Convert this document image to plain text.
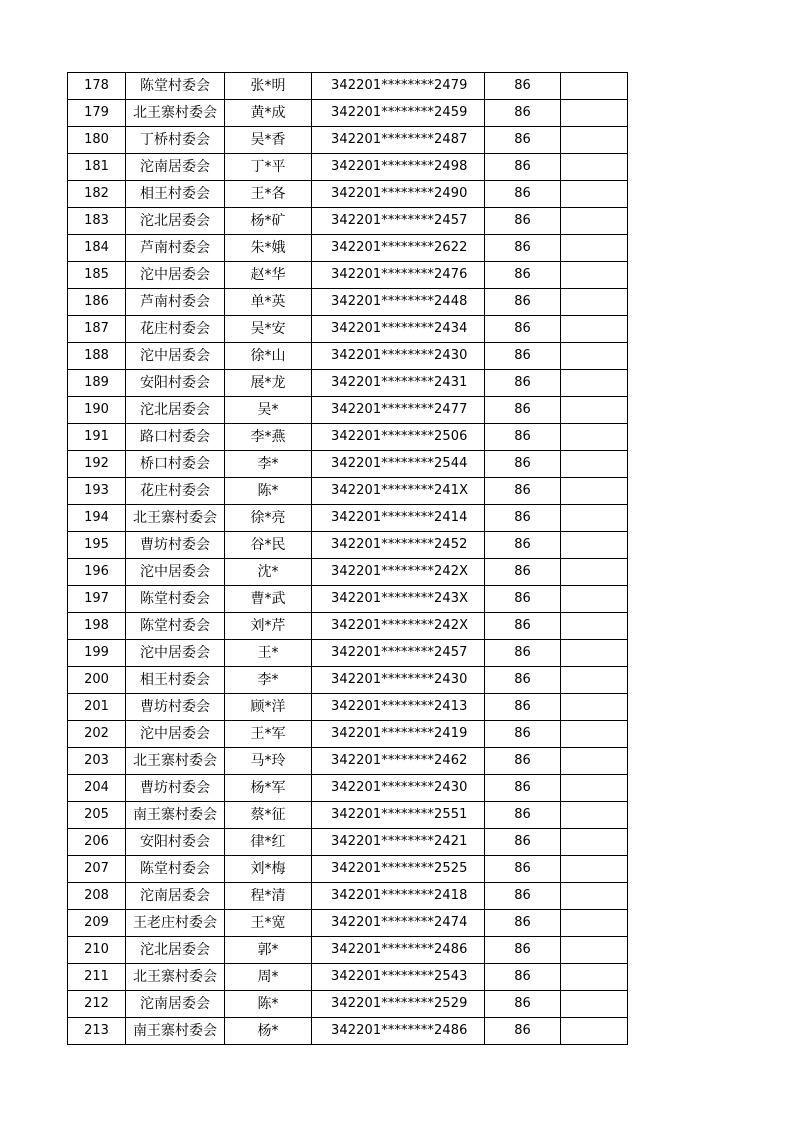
178	陈堂村委会	张*明	342201********2479	86	
179	北王寨村委会	黄*成	342201********2459	86	
180	丁桥村委会	吴*香	342201********2487	86	
181	沱南居委会	丁*平	342201********2498	86	
182	相王村委会	王*各	342201********2490	86	
183	沱北居委会	杨*矿	342201********2457	86	
184	芦南村委会	朱*娥	342201********2622	86	
185	沱中居委会	赵*华	342201********2476	86	
186	芦南村委会	单*英	342201********2448	86	
187	花庄村委会	吴*安	342201********2434	86	
188	沱中居委会	徐*山	342201********2430	86	
189	安阳村委会	展*龙	342201********2431	86	
190	沱北居委会	吴*	342201********2477	86	
191	路口村委会	李*燕	342201********2506	86	
192	桥口村委会	李*	342201********2544	86	
193	花庄村委会	陈*	342201********241X	86	
194	北王寨村委会	徐*亮	342201********2414	86	
195	曹坊村委会	谷*民	342201********2452	86	
196	沱中居委会	沈*	342201********242X	86	
197	陈堂村委会	曹*武	342201********243X	86	
198	陈堂村委会	刘*芹	342201********242X	86	
199	沱中居委会	王*	342201********2457	86	
200	相王村委会	李*	342201********2430	86	
201	曹坊村委会	顾*洋	342201********2413	86	
202	沱中居委会	王*军	342201********2419	86	
203	北王寨村委会	马*玲	342201********2462	86	
204	曹坊村委会	杨*军	342201********2430	86	
205	南王寨村委会	蔡*征	342201********2551	86	
206	安阳村委会	律*红	342201********2421	86	
207	陈堂村委会	刘*梅	342201********2525	86	
208	沱南居委会	程*清	342201********2418	86	
209	王老庄村委会	王*宽	342201********2474	86	
210	沱北居委会	郭*	342201********2486	86	
211	北王寨村委会	周*	342201********2543	86	
212	沱南居委会	陈*	342201********2529	86	
213	南王寨村委会	杨*	342201********2486	86	
